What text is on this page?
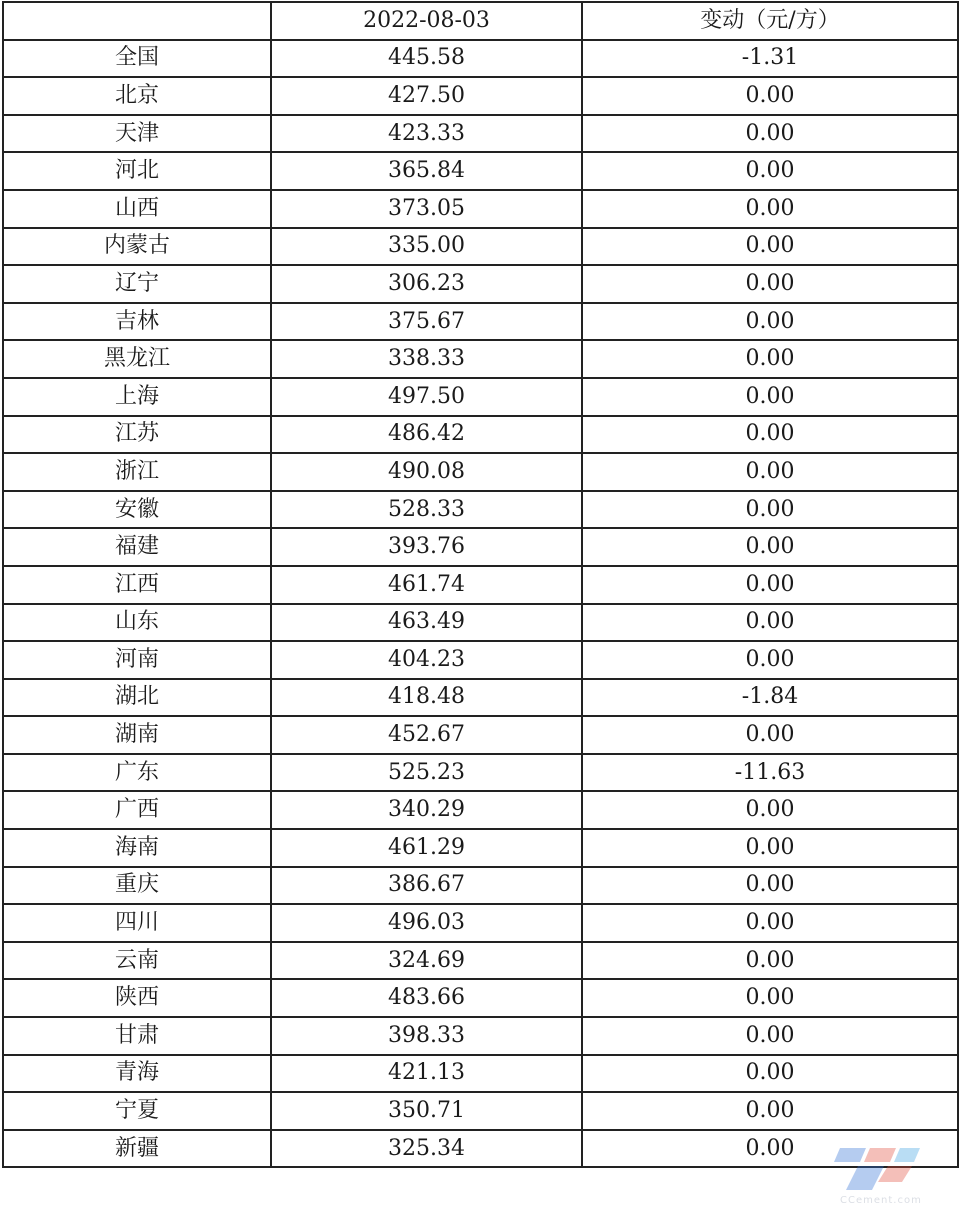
	2022-08-03	变动（元/方）
全国	445.58	-1.31
北京	427.50	0.00
天津	423.33	0.00
河北	365.84	0.00
山西	373.05	0.00
内蒙古	335.00	0.00
辽宁	306.23	0.00
吉林	375.67	0.00
黑龙江	338.33	0.00
上海	497.50	0.00
江苏	486.42	0.00
浙江	490.08	0.00
安徽	528.33	0.00
福建	393.76	0.00
江西	461.74	0.00
山东	463.49	0.00
河南	404.23	0.00
湖北	418.48	-1.84
湖南	452.67	0.00
广东	525.23	-11.63
广西	340.29	0.00
海南	461.29	0.00
重庆	386.67	0.00
四川	496.03	0.00
云南	324.69	0.00
陕西	483.66	0.00
甘肃	398.33	0.00
青海	421.13	0.00
宁夏	350.71	0.00
新疆	325.34	0.00
CCement.com
